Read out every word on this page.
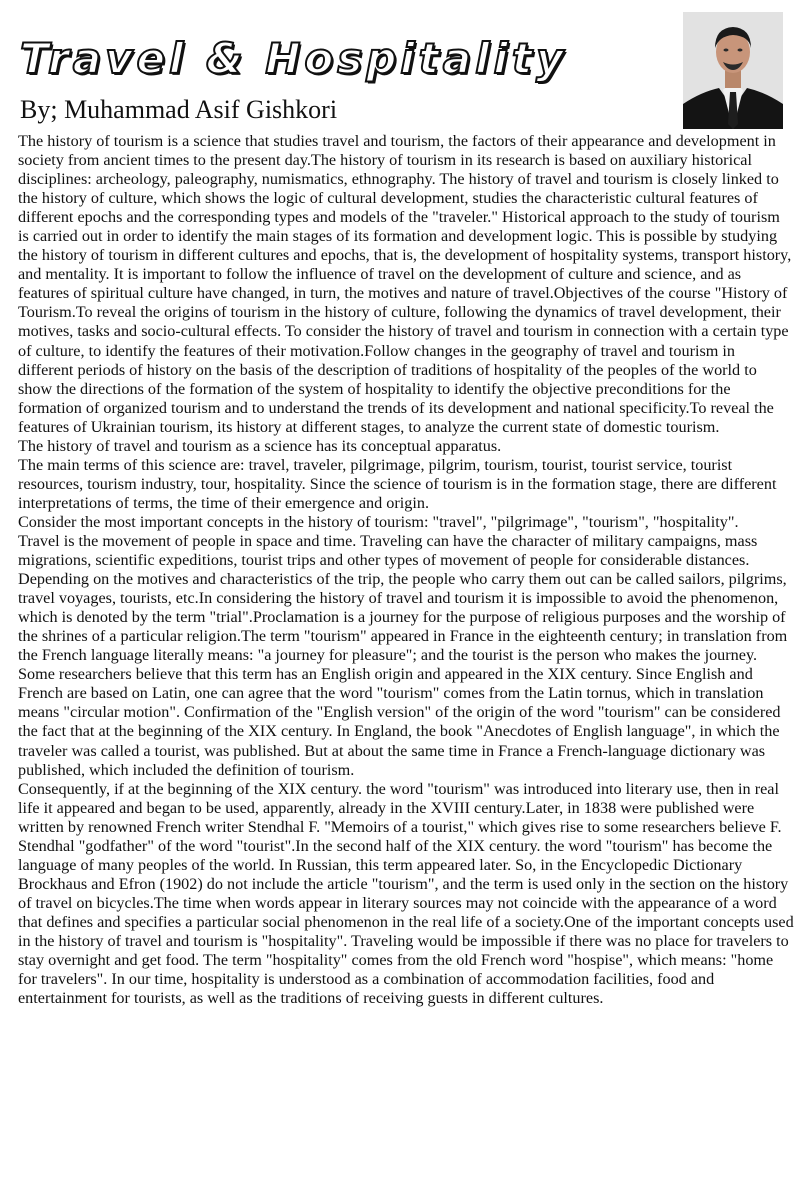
Travel & Hospitality
By; Muhammad Asif Gishkori

The history of tourism is a science that studies travel and tourism, the factors of their appearance and development in society from ancient times to the present day.The history of tourism in its research is based on auxiliary historical disciplines: archeology, paleography, numismatics, ethnography. The history of travel and tourism is closely linked to the history of culture, which shows the logic of cultural development, studies the characteristic cultural features of different epochs and the corresponding types and models of the "traveler." Historical approach to the study of tourism is carried out in order to identify the main stages of its formation and development logic. This is possible by studying the history of tourism in different cultures and epochs, that is, the development of hospitality systems, transport history, and mentality. It is important to follow the influence of travel on the development of culture and science, and as features of spiritual culture have changed, in turn, the motives and nature of travel.Objectives of the course "History of Tourism.To reveal the origins of tourism in the history of culture, following the dynamics of travel development, their motives, tasks and socio-cultural effects. To consider the history of travel and tourism in connection with a certain type of culture, to identify the features of their motivation.Follow changes in the geography of travel and tourism in different periods of history on the basis of the description of traditions of hospitality of the peoples of the world to show the directions of the formation of the system of hospitality to identify the objective preconditions for the formation of organized tourism and to understand the trends of its development and national specificity.To reveal the features of Ukrainian tourism, its history at different stages, to analyze the current state of domestic tourism.

The history of travel and tourism as a science has its conceptual apparatus.

The main terms of this science are: travel, traveler, pilgrimage, pilgrim, tourism, tourist, tourist service, tourist resources, tourism industry, tour, hospitality. Since the science of tourism is in the formation stage, there are different interpretations of terms, the time of their emergence and origin.

Consider the most important concepts in the history of tourism: "travel", "pilgrimage", "tourism", "hospitality".

Travel is the movement of people in space and time. Traveling can have the character of military campaigns, mass migrations, scientific expeditions, tourist trips and other types of movement of people for considerable distances. Depending on the motives and characteristics of the trip, the people who carry them out can be called sailors, pilgrims, travel voyages, tourists, etc.In considering the history of travel and tourism it is impossible to avoid the phenomenon, which is denoted by the term "trial".Proclamation is a journey for the purpose of religious purposes and the worship of the shrines of a particular religion.The term "tourism" appeared in France in the eighteenth century; in translation from the French language literally means: "a journey for pleasure"; and the tourist is the person who makes the journey. Some researchers believe that this term has an English origin and appeared in the XIX century. Since English and French are based on Latin, one can agree that the word "tourism" comes from the Latin tornus, which in translation means "circular motion". Confirmation of the "English version" of the origin of the word "tourism" can be considered the fact that at the beginning of the XIX century. In England, the book "Anecdotes of English language", in which the traveler was called a tourist, was published. But at about the same time in France a French-language dictionary was published, which included the definition of tourism.

Consequently, if at the beginning of the XIX century. the word "tourism" was introduced into literary use, then in real life it appeared and began to be used, apparently, already in the XVIII century.Later, in 1838 were published were written by renowned French writer Stendhal F. "Memoirs of a tourist," which gives rise to some researchers believe F. Stendhal "godfather" of the word "tourist".In the second half of the XIX century. the word "tourism" has become the language of many peoples of the world. In Russian, this term appeared later. So, in the Encyclopedic Dictionary Brockhaus and Efron (1902) do not include the article "tourism", and the term is used only in the section on the history of travel on bicycles.The time when words appear in literary sources may not coincide with the appearance of a word that defines and specifies a particular social phenomenon in the real life of a society.One of the important concepts used in the history of travel and tourism is "hospitality". Traveling would be impossible if there was no place for travelers to stay overnight and get food. The term "hospitality" comes from the old French word "hospise", which means: "home for travelers". In our time, hospitality is understood as a combination of accommodation facilities, food and entertainment for tourists, as well as the traditions of receiving guests in different cultures.
